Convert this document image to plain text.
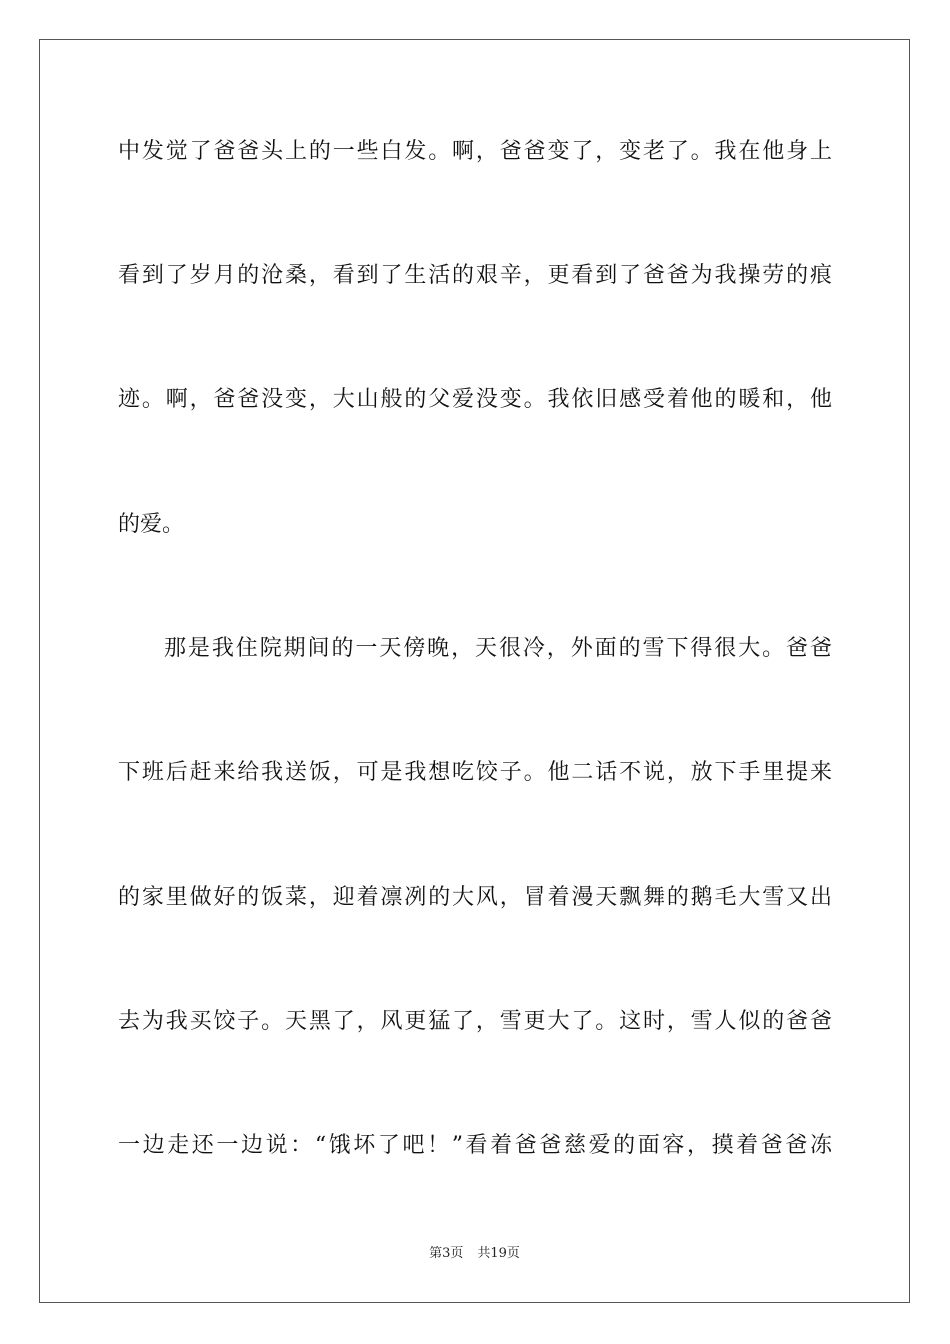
中发觉了爸爸头上的一些白发。啊，爸爸变了，变老了。我在他身上
看到了岁月的沧桑，看到了生活的艰辛，更看到了爸爸为我操劳的痕
迹。啊，爸爸没变，大山般的父爱没变。我依旧感受着他的暖和，他
的爱。
那是我住院期间的一天傍晚，天很冷，外面的雪下得很大。爸爸
下班后赶来给我送饭，可是我想吃饺子。他二话不说，放下手里提来
的家里做好的饭菜，迎着凛冽的大风，冒着漫天飘舞的鹅毛大雪又出
去为我买饺子。天黑了，风更猛了，雪更大了。这时，雪人似的爸爸
一边走还一边说：“饿坏了吧！”看着爸爸慈爱的面容，摸着爸爸冻
第3页 共19页
